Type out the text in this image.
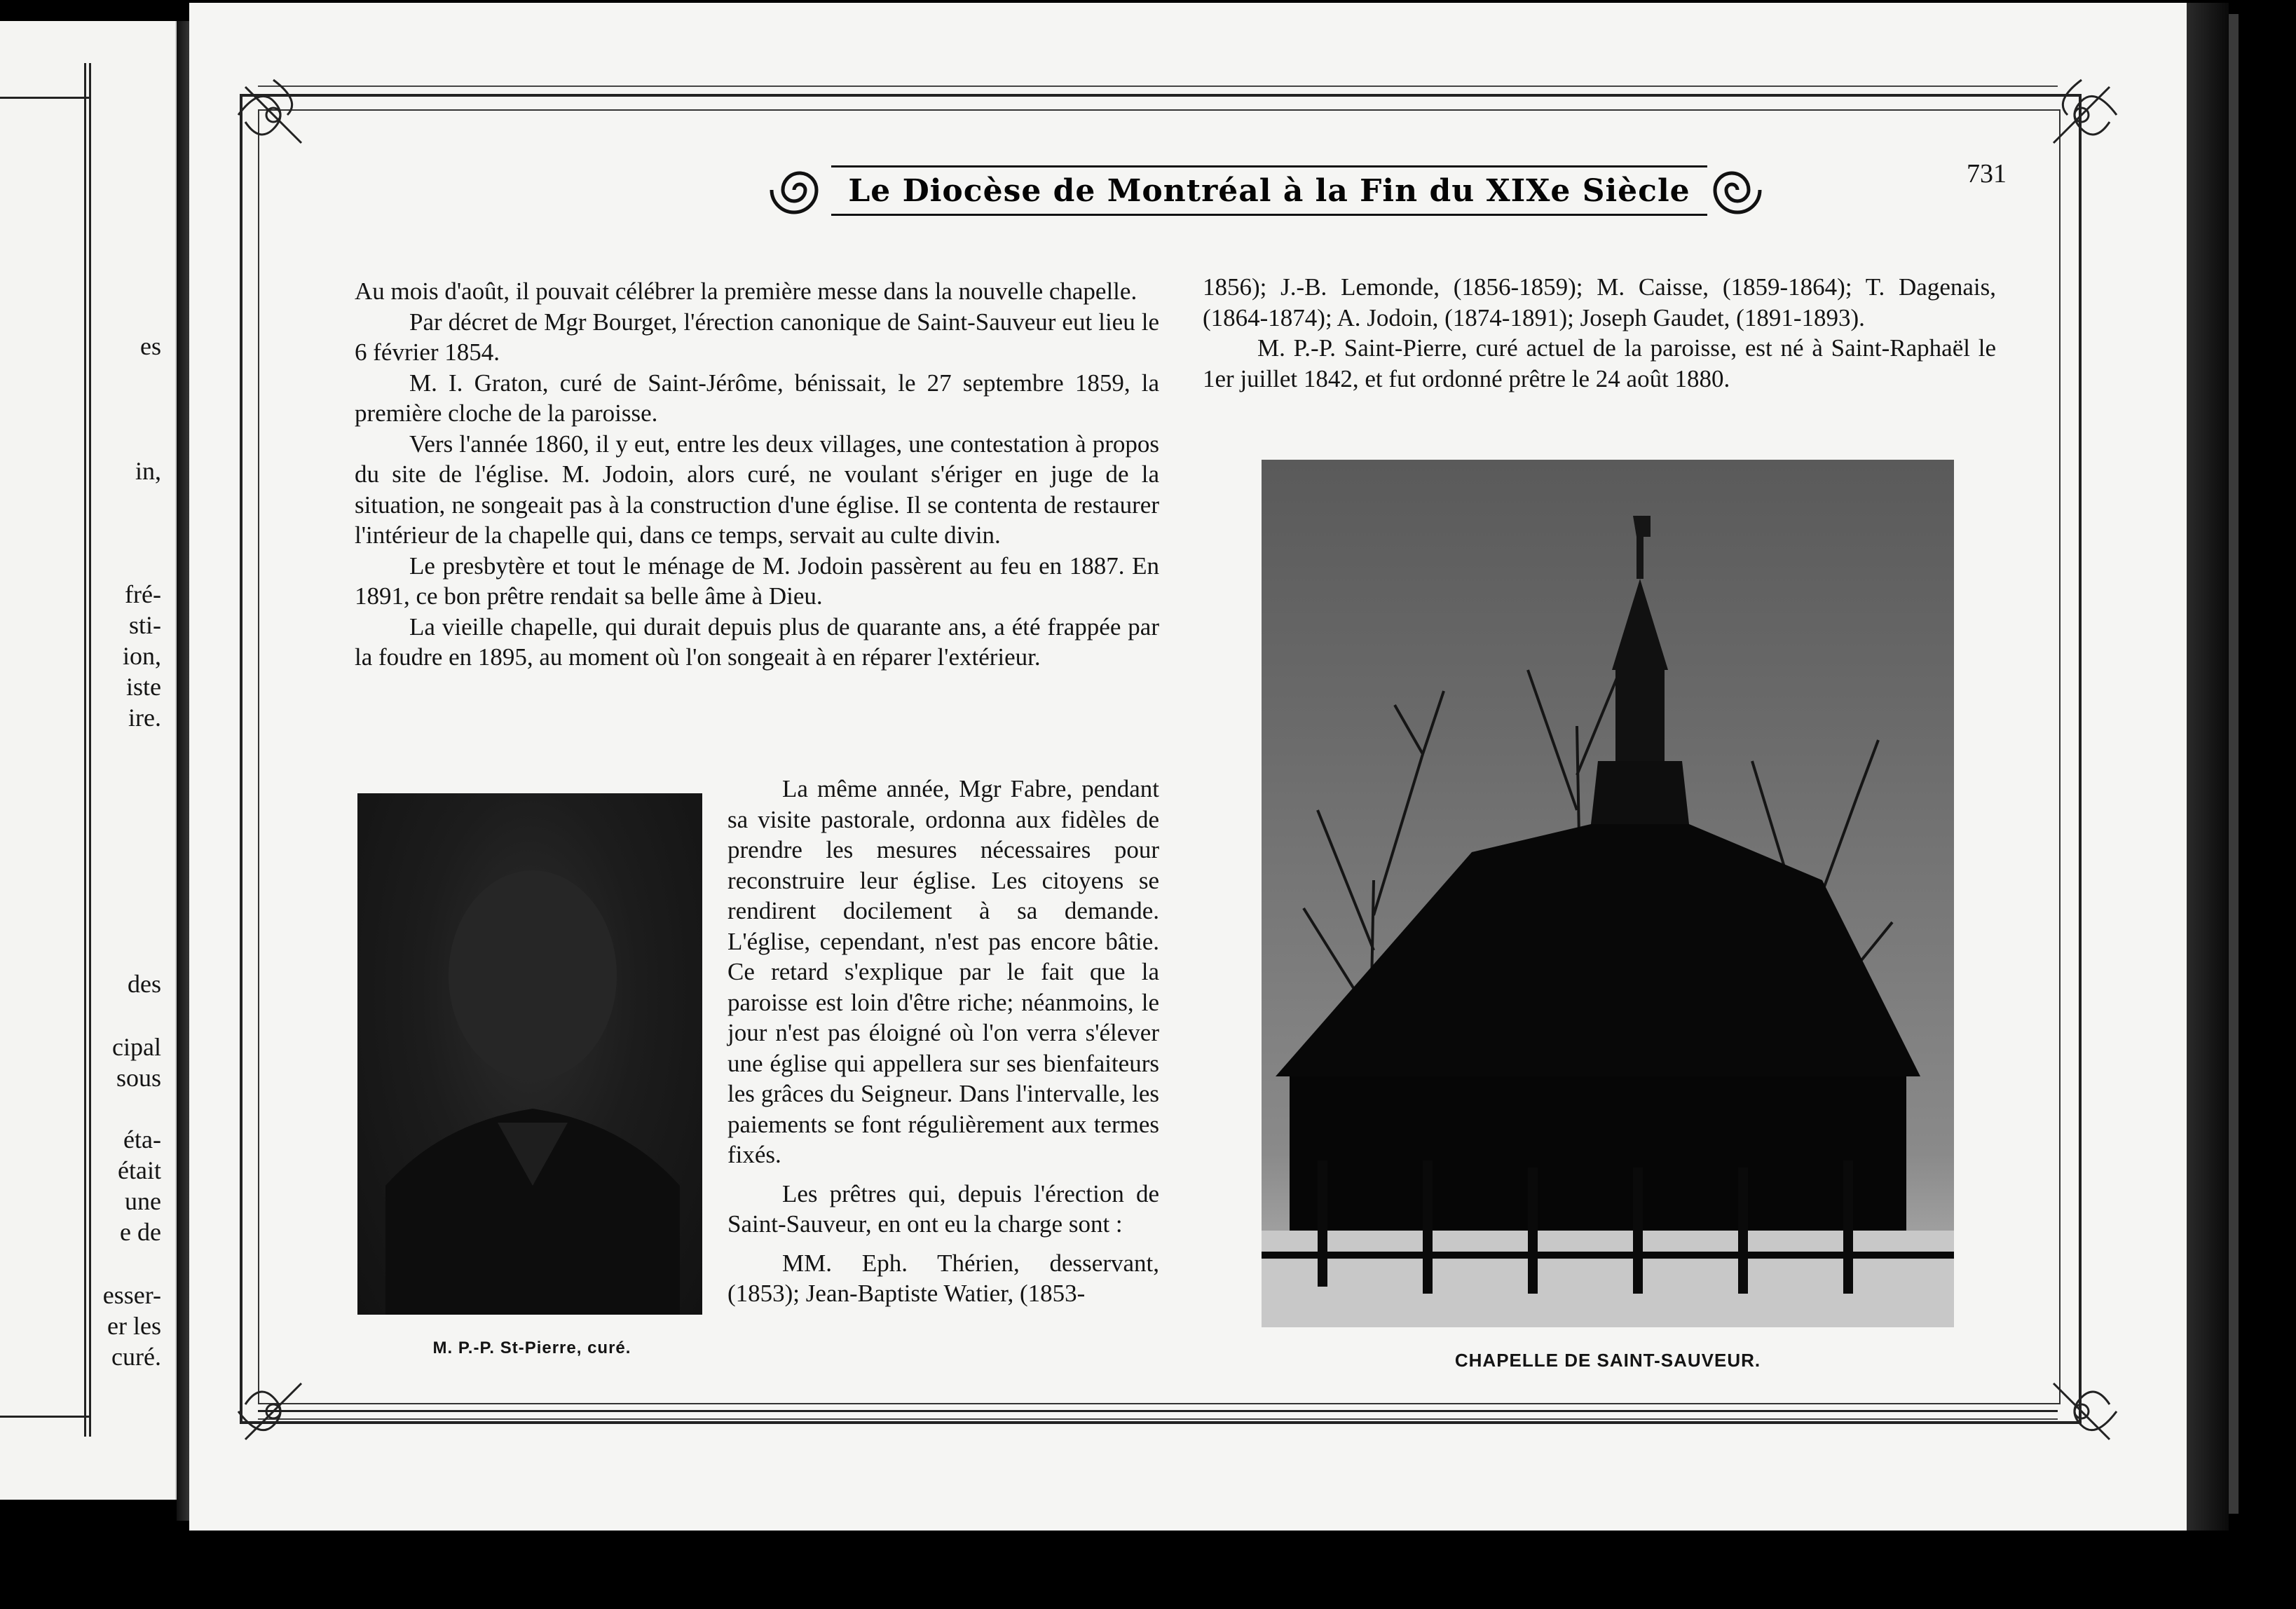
es
in,
fré-
sti-
ion,
iste
ire.
des
cipal
sous
éta-
était
une
e de
esser-
er les
curé.
Le Diocèse de Montréal à la Fin du XIXe Siècle	731

Au mois d'août, il pouvait célébrer la première messe dans la nouvelle chapelle.

Par décret de Mgr Bourget, l'érection canonique de Saint-Sauveur eut lieu le 6 février 1854.

M. I. Graton, curé de Saint-Jérôme, bénissait, le 27 septembre 1859, la première cloche de la paroisse.

Vers l'année 1860, il y eut, entre les deux villages, une contestation à propos du site de l'église. M. Jodoin, alors curé, ne voulant s'ériger en juge de la situation, ne songeait pas à la construction d'une église. Il se contenta de restaurer l'intérieur de la chapelle qui, dans ce temps, servait au culte divin.

Le presbytère et tout le ménage de M. Jodoin passèrent au feu en 1887. En 1891, ce bon prêtre rendait sa belle âme à Dieu.

La vieille chapelle, qui durait depuis plus de quarante ans, a été frappée par la foudre en 1895, au moment où l'on songeait à en réparer l'extérieur.

M. P.-P. St-Pierre, curé.

La même année, Mgr Fabre, pendant sa visite pastorale, ordonna aux fidèles de prendre les mesures nécessaires pour reconstruire leur église. Les citoyens se rendirent docilement à sa demande. L'église, cependant, n'est pas encore bâtie. Ce retard s'explique par le fait que la paroisse est loin d'être riche; néanmoins, le jour n'est pas éloigné où l'on verra s'élever une église qui appellera sur ses bienfaiteurs les grâces du Seigneur. Dans l'intervalle, les paiements se font régulièrement aux termes fixés.

Les prêtres qui, depuis l'érection de Saint-Sauveur, en ont eu la charge sont :

MM. Eph. Thérien, desservant, (1853); Jean-Baptiste Watier, (1853-

1856); J.-B. Lemonde, (1856-1859); M. Caisse, (1859-1864); T. Dagenais, (1864-1874); A. Jodoin, (1874-1891); Joseph Gaudet, (1891-1893).

M. P.-P. Saint-Pierre, curé actuel de la paroisse, est né à Saint-Raphaël le 1er juillet 1842, et fut ordonné prêtre le 24 août 1880.

CHAPELLE DE SAINT-SAUVEUR.
